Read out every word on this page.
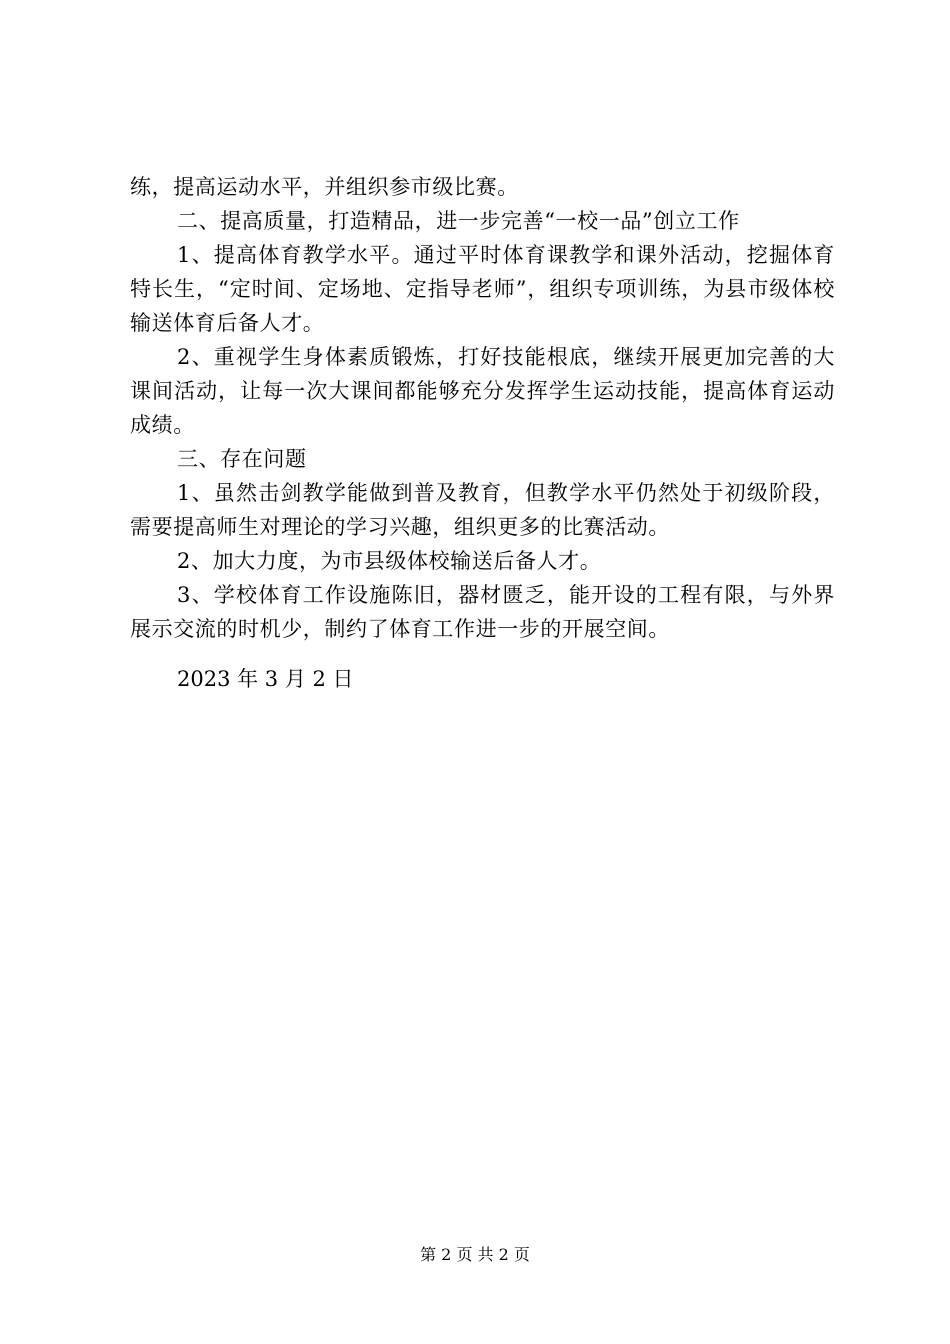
练，提高运动水平，并组织参市级比赛。

二、提高质量，打造精品，进一步完善“一校一品”创立工作

1、提高体育教学水平。通过平时体育课教学和课外活动，挖掘体育特长生，“定时间、定场地、定指导老师”，组织专项训练，为县市级体校输送体育后备人才。

2、重视学生身体素质锻炼，打好技能根底，继续开展更加完善的大课间活动，让每一次大课间都能够充分发挥学生运动技能，提高体育运动成绩。

三、存在问题

1、虽然击剑教学能做到普及教育，但教学水平仍然处于初级阶段，需要提高师生对理论的学习兴趣，组织更多的比赛活动。

2、加大力度，为市县级体校输送后备人才。

3、学校体育工作设施陈旧，器材匮乏，能开设的工程有限，与外界展示交流的时机少，制约了体育工作进一步的开展空间。

2023 年 3 月 2 日

第 2 页 共 2 页
